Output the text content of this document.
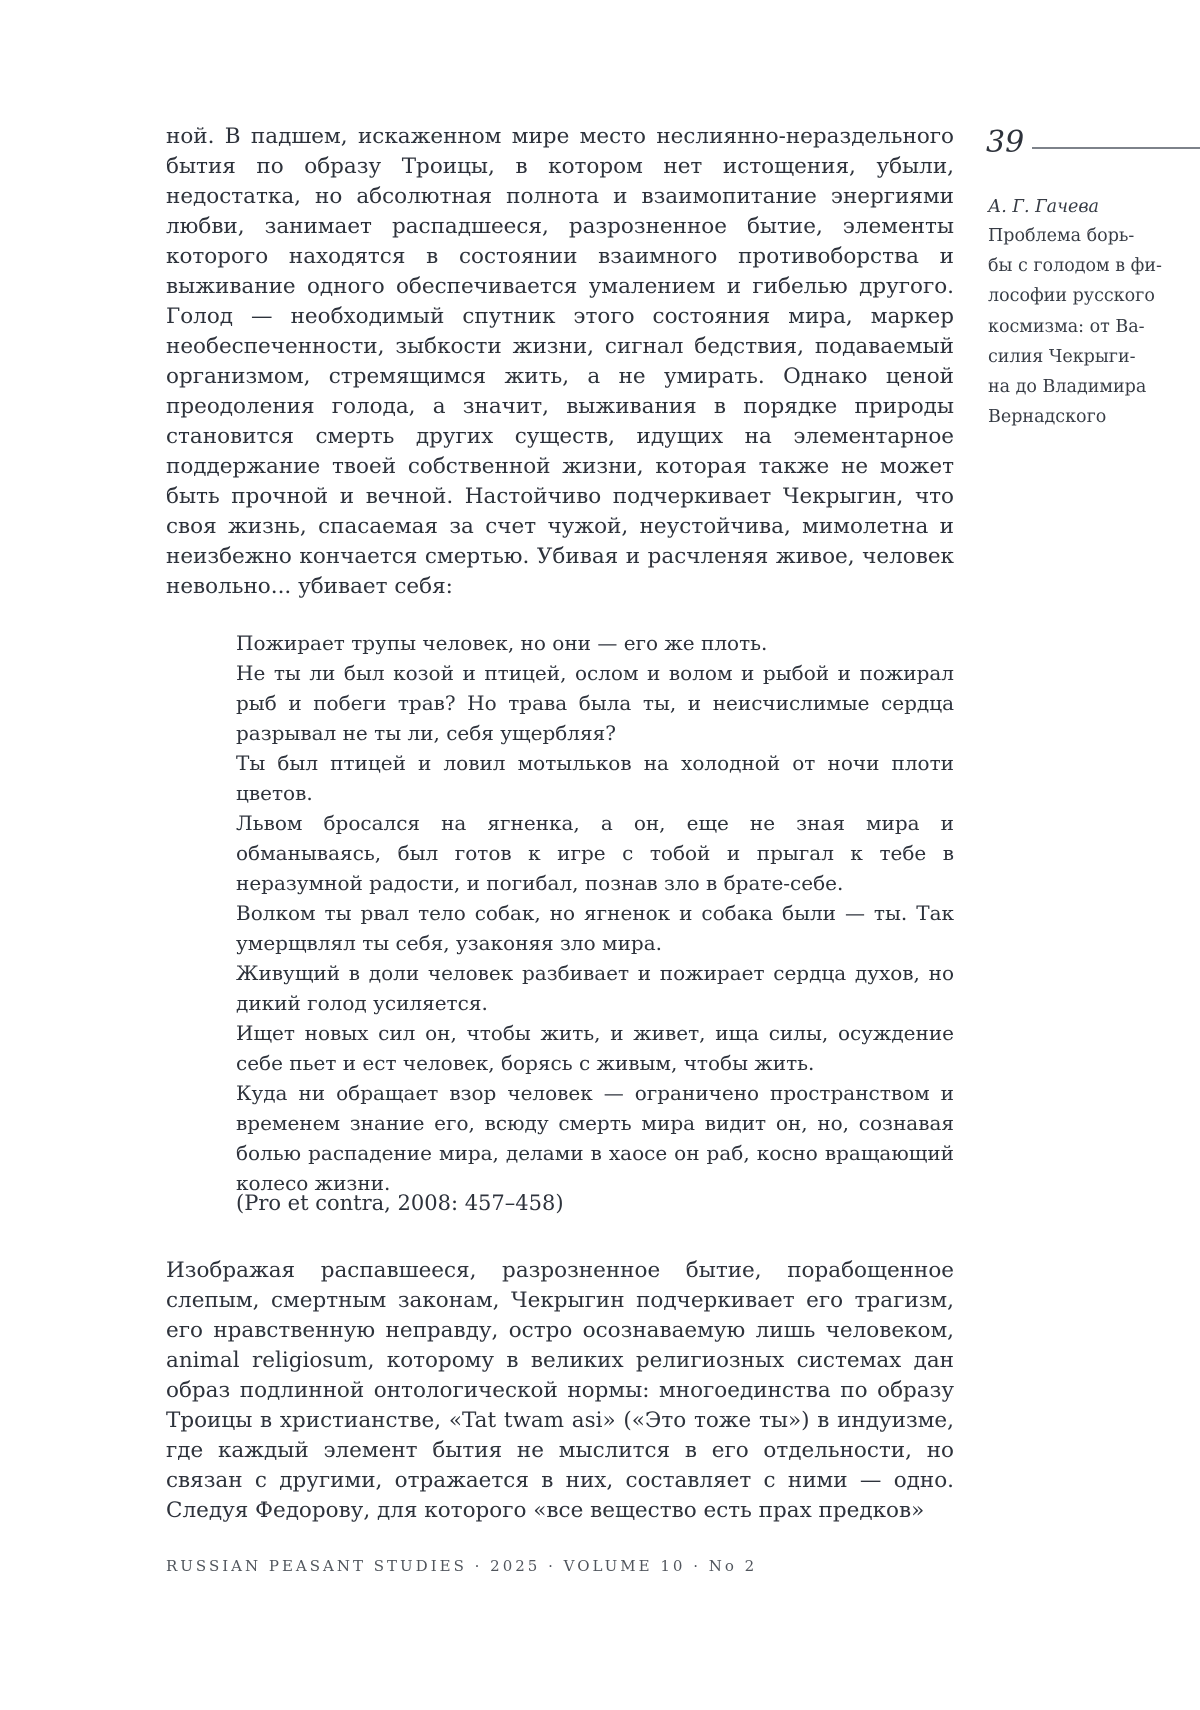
ной. В падшем, искаженном мире место неслиянно-нераздельного бытия по образу Троицы, в котором нет истощения, убыли, недостатка, но абсолютная полнота и взаимопитание энергиями любви, занимает распадшееся, разрозненное бытие, элементы которого находятся в состоянии взаимного противоборства и выживание одного обеспечивается умалением и гибелью другого. Голод — необходимый спутник этого состояния мира, маркер необеспеченности, зыбкости жизни, сигнал бедствия, подаваемый организмом, стремящимся жить, а не умирать. Однако ценой преодоления голода, а значит, выживания в порядке природы становится смерть других существ, идущих на элементарное поддержание твоей собственной жизни, которая также не может быть прочной и вечной. Настойчиво подчеркивает Чекрыгин, что своя жизнь, спасаемая за счет чужой, неустойчива, мимолетна и неизбежно кончается смертью. Убивая и расчленяя живое, человек невольно... убивает себя:

Пожирает трупы человек, но они — его же плоть.

Не ты ли был козой и птицей, ослом и волом и рыбой и пожирал рыб и побеги трав? Но трава была ты, и неисчислимые сердца разрывал не ты ли, себя ущербляя?

Ты был птицей и ловил мотыльков на холодной от ночи плоти цветов.

Львом бросался на ягненка, а он, еще не зная мира и обманываясь, был готов к игре с тобой и прыгал к тебе в неразумной радости, и погибал, познав зло в брате-себе.

Волком ты рвал тело собак, но ягненок и собака были — ты. Так умерщвлял ты себя, узаконяя зло мира.

Живущий в доли человек разбивает и пожирает сердца духов, но дикий голод усиляется.

Ищет новых сил он, чтобы жить, и живет, ища силы, осуждение себе пьет и ест человек, борясь с живым, чтобы жить.

Куда ни обращает взор человек — ограничено пространством и временем знание его, всюду смерть мира видит он, но, сознавая болью распадение мира, делами в хаосе он раб, косно вращающий колесо жизни.

(Pro et contra, 2008: 457–458)

Изображая распавшееся, разрозненное бытие, порабощенное слепым, смертным законам, Чекрыгин подчеркивает его трагизм, его нравственную неправду, остро осознаваемую лишь человеком, animal religiosum, которому в великих религиозных системах дан образ подлинной онтологической нормы: многоединства по образу Троицы в христианстве, «Tat twam asi» («Это тоже ты») в индуизме, где каждый элемент бытия не мыслится в его отдельности, но связан с другими, отражается в них, составляет с ними — одно. Следуя Федорову, для которого «все вещество есть прах предков»

39
А. Г. Гачева
Проблема борь-
бы с голодом в фи-
лософии русского
космизма: от Ва-
силия Чекрыги-
на до Владимира
Вернадского
RUSSIAN PEASANT STUDIES · 2025 · VOLUME 10 · No 2
